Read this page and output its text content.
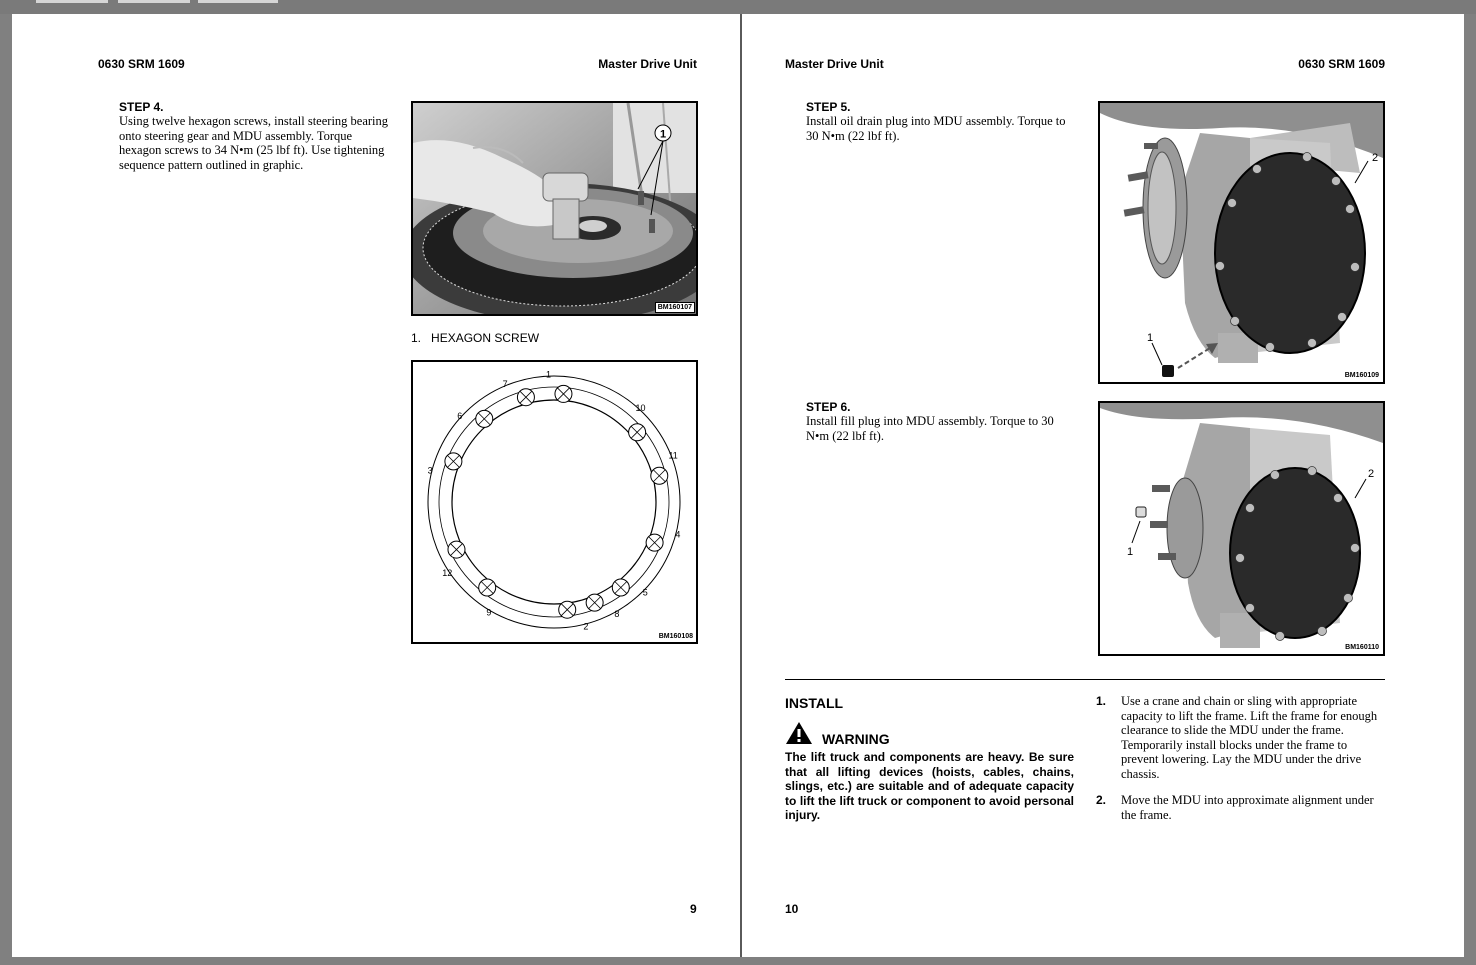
0630 SRM 1609	Master Drive Unit
STEP 4.
Using twelve hexagon screws, install steering bearing onto steering gear and MDU assembly. Torque hexagon screws to 34 N•m (25 lbf ft). Use tightening sequence pattern outlined in graphic.
1
BM160107
1. HEXAGON SCREW
1
2
3
4
5
6
7
8
9
10
11
12
BM160108
9
Master Drive Unit	0630 SRM 1609
STEP 5.
Install oil drain plug into MDU assembly. Torque to 30 N•m (22 lbf ft).
2
1
BM160109
STEP 6.
Install fill plug into MDU assembly. Torque to 30 N•m (22 lbf ft).
1
2
BM160110
INSTALL
WARNING
The lift truck and components are heavy. Be sure that all lifting devices (hoists, cables, chains, slings, etc.) are suitable and of adequate capacity to lift the lift truck or component to avoid personal injury.
1. Use a crane and chain or sling with appropriate capacity to lift the frame. Lift the frame for enough clearance to slide the MDU under the frame. Temporarily install blocks under the frame to prevent lowering. Lay the MDU under the drive chassis.
2. Move the MDU into approximate alignment under the frame.
10
